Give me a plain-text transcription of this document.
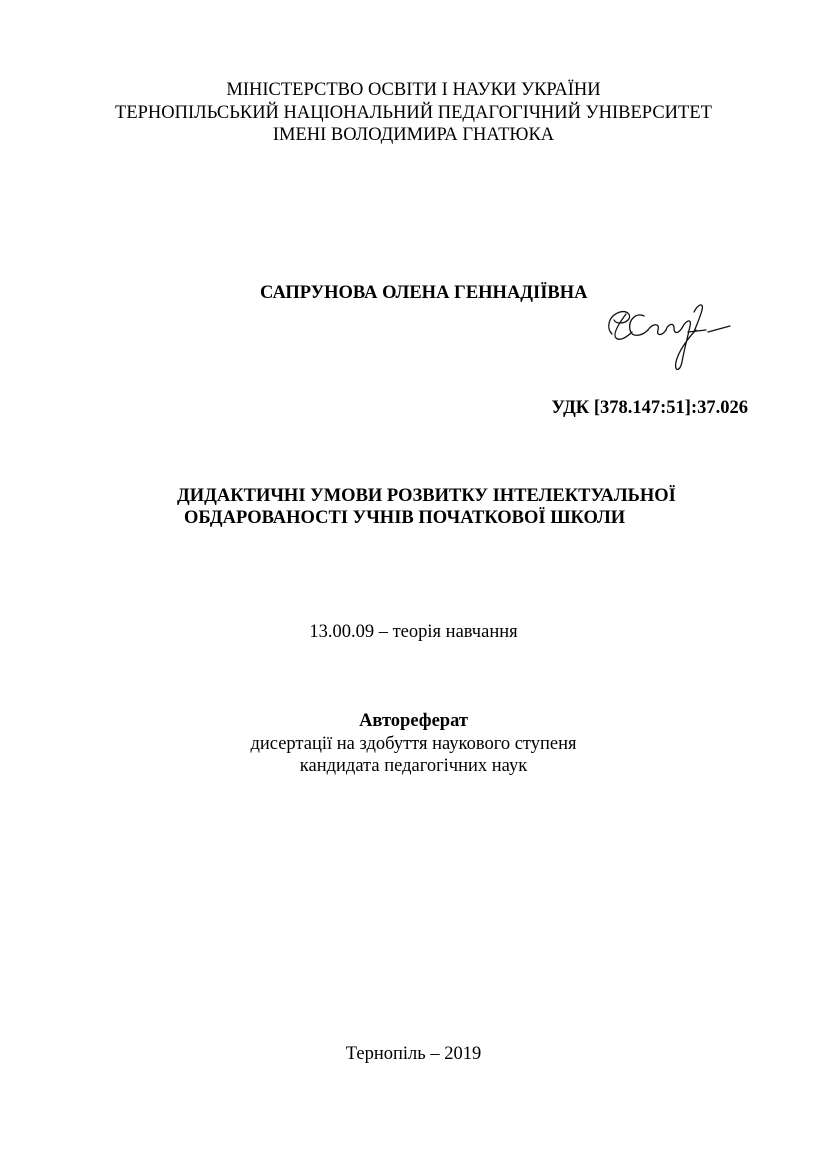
МІНІСТЕРСТВО ОСВІТИ І НАУКИ УКРАЇНИ
ТЕРНОПІЛЬСЬКИЙ НАЦІОНАЛЬНИЙ ПЕДАГОГІЧНИЙ УНІВЕРСИТЕТ
ІМЕНІ ВОЛОДИМИРА ГНАТЮКА
САПРУНОВА ОЛЕНА ГЕННАДІЇВНА
УДК [378.147:51]:37.026
ДИДАКТИЧНІ УМОВИ РОЗВИТКУ ІНТЕЛЕКТУАЛЬНОЇ
ОБДАРОВАНОСТІ УЧНІВ ПОЧАТКОВОЇ ШКОЛИ
13.00.09 – теорія навчання
Автореферат
дисертації на здобуття наукового ступеня
кандидата педагогічних наук
Тернопіль – 2019
